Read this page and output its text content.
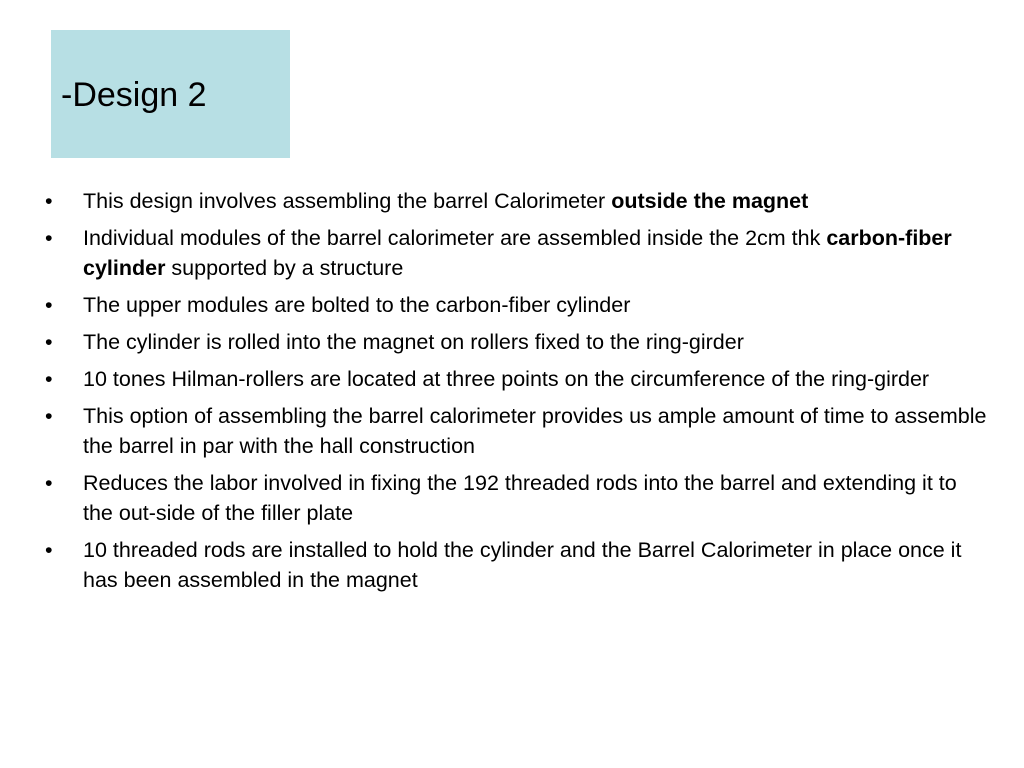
-Design 2
• This design involves assembling the barrel Calorimeter outside the magnet
• Individual modules of the barrel calorimeter are assembled inside the 2cm thk carbon-fiber cylinder supported by a structure
• The upper modules are bolted to the carbon-fiber cylinder
• The cylinder is rolled into the magnet on rollers fixed to the ring-girder
• 10 tones Hilman-rollers are located at three points on the circumference of the ring-girder
• This option of assembling the barrel calorimeter provides us ample amount of time to assemble the barrel in par with the hall construction
• Reduces the labor involved in fixing the 192 threaded rods into the barrel and extending it to the out-side of the filler plate
• 10 threaded rods are installed to hold the cylinder and the Barrel Calorimeter in place once it has been assembled in the magnet
